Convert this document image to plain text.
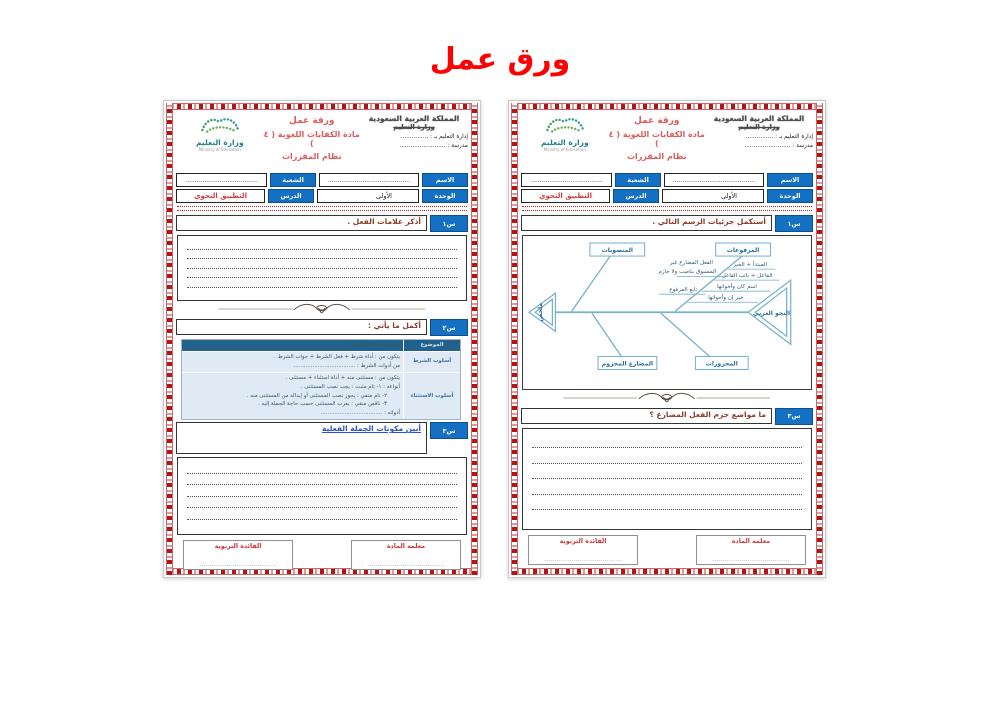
ورق عمل
المملكة العربية السعودية
وزارة التعليم
إدارة التعليم بـ : ...............
مدرسة : .........................
ورقة عمل
مادة الكفايات اللغوية ( ٤ )
نظام المقررات
وزارة التعليم
Ministry of Education
الاسم
...........................................
الشعبة
......................................
الوحدة
الأولى
الدرس
التطبيق النحوي
س١
أذكر علامات الفعل .
س٢
أكمل ما يأتي :
الموضوع
معلوماته الأساسية
أسلوب الشرط
يتكون من : أداة شرط + فعل الشرط + جواب الشرط .
من أدوات الشرط : ....................................
أسلوب الاستثناء
يتكون من : مستثنى منه + أداة استثناء + مستثنى .
أنواعه : ١- تام مثبت : يجب نصب المستثنى .
٢- تام منفي : يجوز نصب المستثنى أو إبداله من المستثنى منه .
٣- ناقص منفي : يعرب المستثنى حسب حاجة الجملة إليه .
أدواته : ....................................
س٣
أبين مكونات الجملة الفعلية
معلمة المادة
.....................................
القائدة التربوية
.....................................
المملكة العربية السعودية
وزارة التعليم
إدارة التعليم بـ : ...............
مدرسة : .........................
ورقة عمل
مادة الكفايات اللغوية ( ٤ )
نظام المقررات
وزارة التعليم
Ministry of Education
الاسم
...........................................
الشعبة
......................................
الوحدة
الأولى
الدرس
التطبيق النحوي
س١
أستكمل جزئيات الرسم التالي .
النحو العربي
ملخص
المنصوبات	المرفوعات
المضارع المجزوم	المجرورات
المبتدأ + الخبر
الفاعل + نائب الفاعل
اسم كان وأخواتها
خبر إن وأخواتها
تابع المرفوع
الفعل المضارع غير
المسبوق بناصب ولا جازم
س٣
ما مواضع جزم الفعل المضارع ؟
معلمة المادة
.....................................
القائدة التربوية
.....................................
